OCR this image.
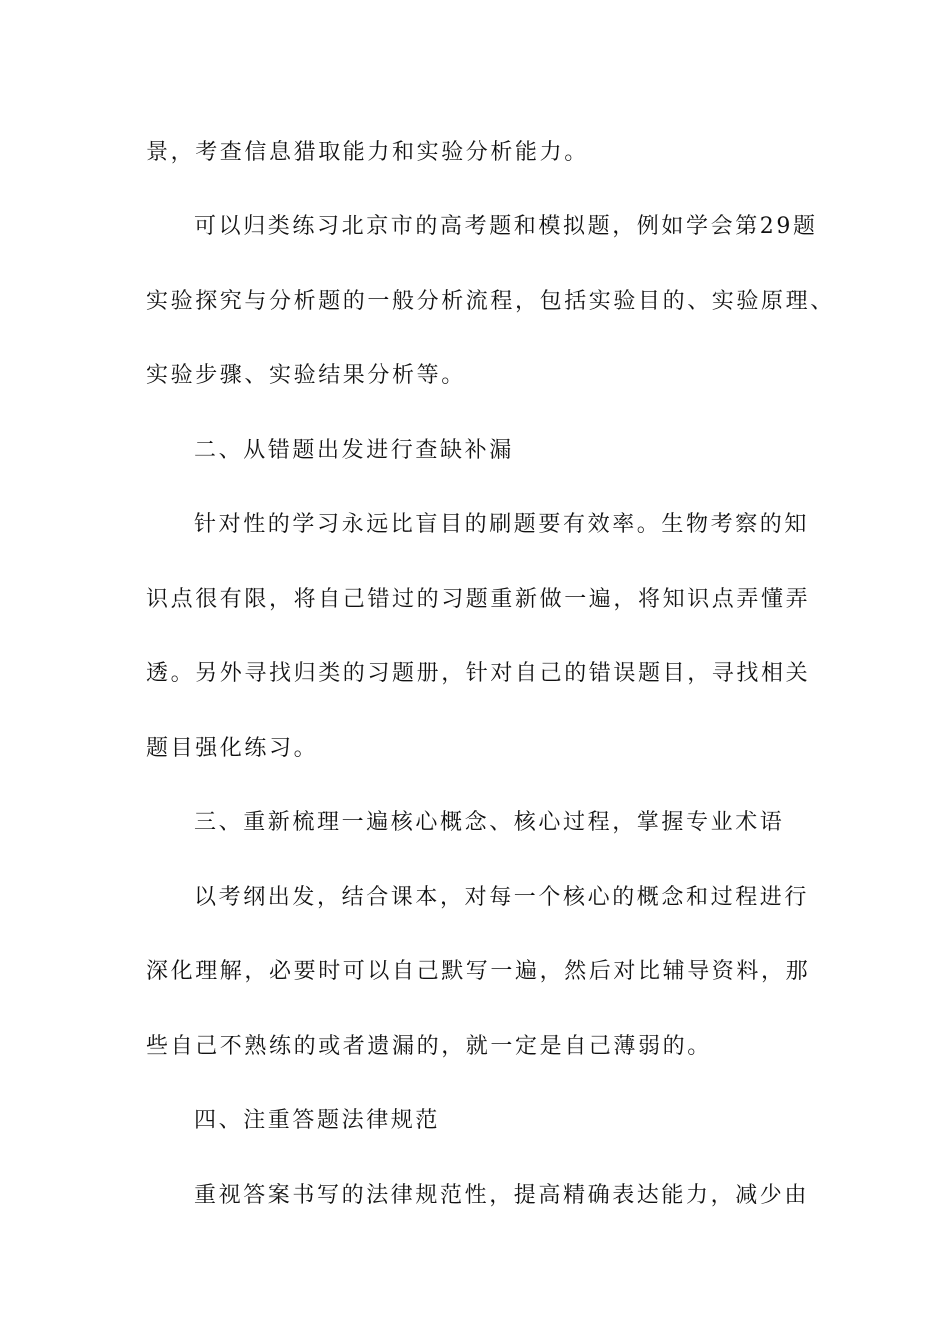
景，考查信息猎取能力和实验分析能力。
可以归类练习北京市的高考题和模拟题，例如学会第29题
实验探究与分析题的一般分析流程，包括实验目的、实验原理、
实验步骤、实验结果分析等。
二、从错题出发进行查缺补漏
针对性的学习永远比盲目的刷题要有效率。生物考察的知
识点很有限，将自己错过的习题重新做一遍，将知识点弄懂弄
透。另外寻找归类的习题册，针对自己的错误题目，寻找相关
题目强化练习。
三、重新梳理一遍核心概念、核心过程，掌握专业术语
以考纲出发，结合课本，对每一个核心的概念和过程进行
深化理解，必要时可以自己默写一遍，然后对比辅导资料，那
些自己不熟练的或者遗漏的，就一定是自己薄弱的。
四、注重答题法律规范
重视答案书写的法律规范性，提高精确表达能力，减少由
